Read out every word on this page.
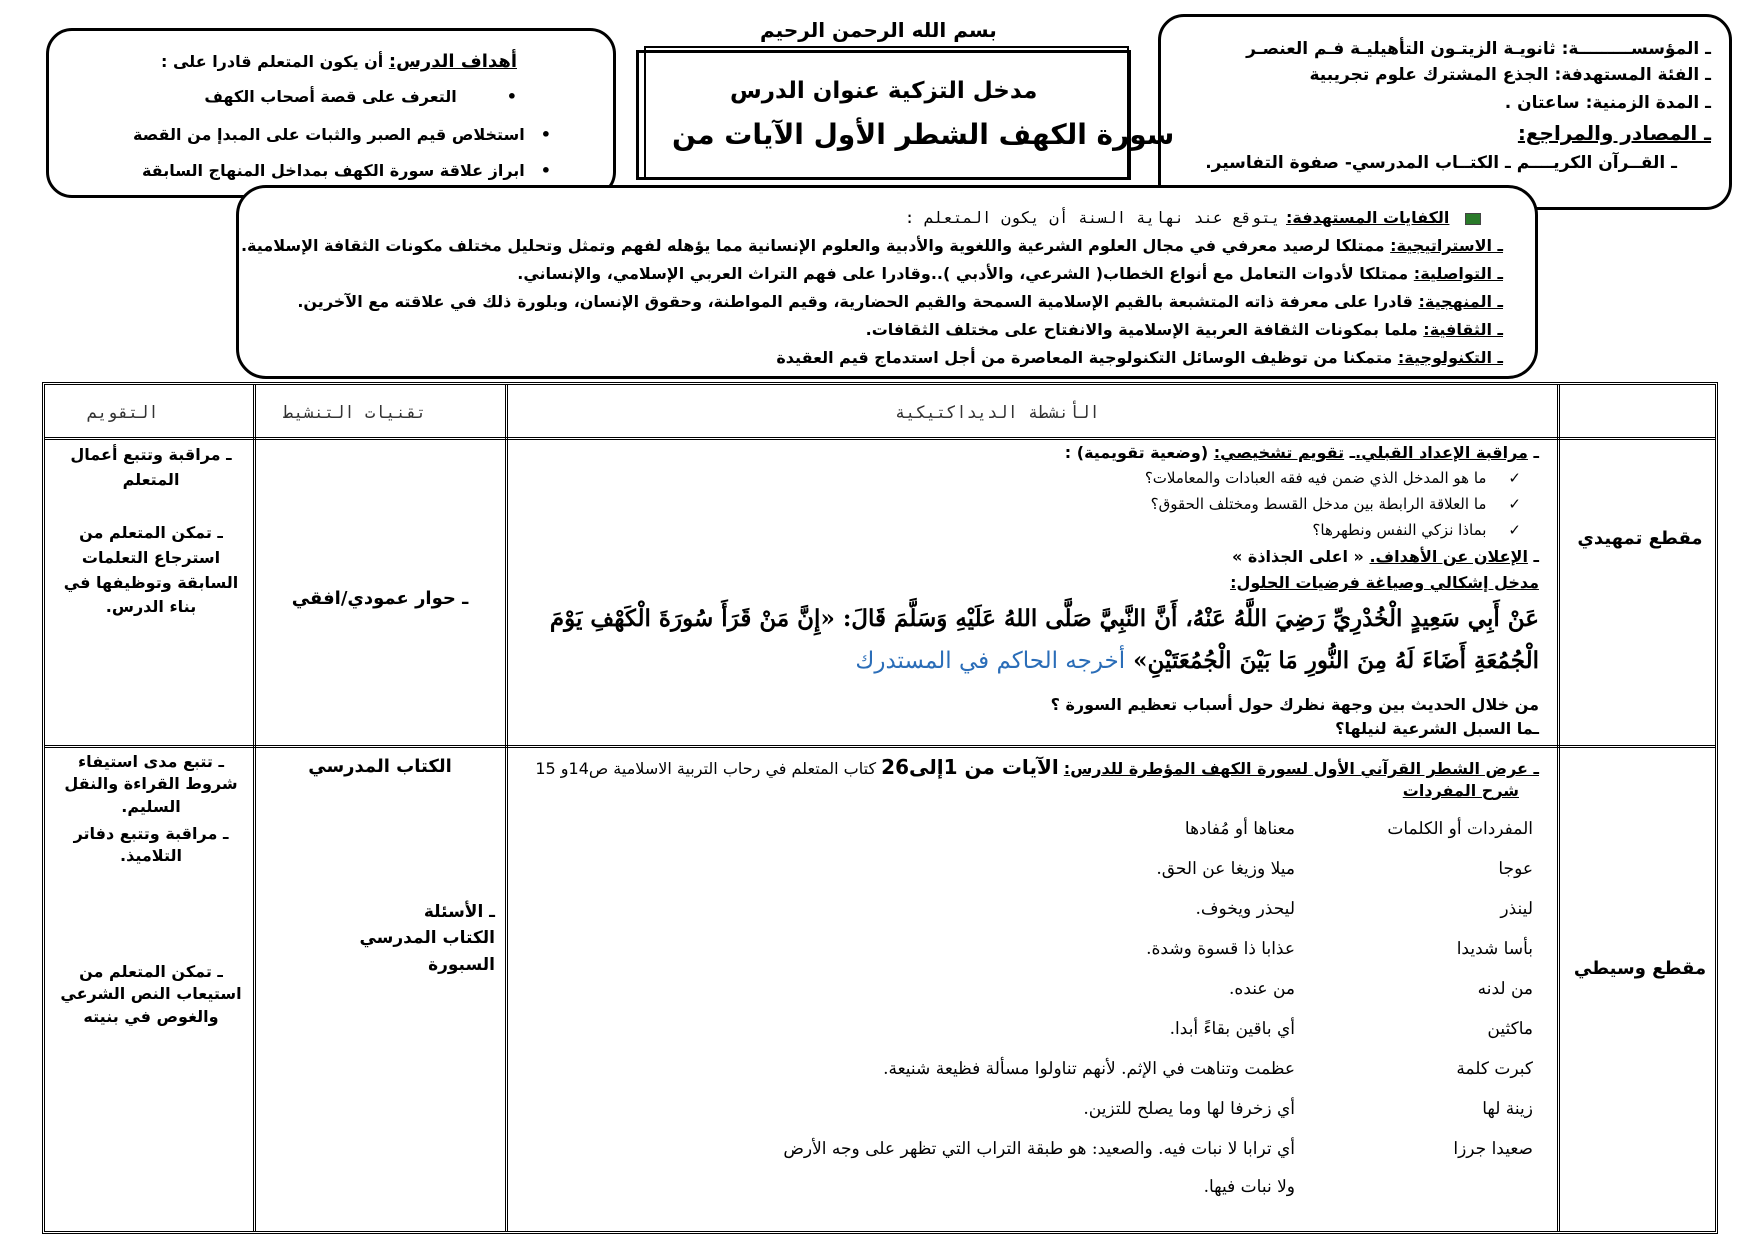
بسم الله الرحمن الرحيم
ـ المؤسســـــــــة: ثانويـة الزيتـون التأهيليـة فـم العنصـر
ـ الفئة المستهدفة: الجذع المشترك علوم تجريبية
ـ المدة الزمنية: ساعتان .
ـ المصادر والمراجع:
ـ القــرآن الكريــــم ـ الكتــاب المدرسي- صفوة التفاسير.
مدخل التزكية عنوان الدرس
سورة الكهف الشطر الأول الآيات من
أهداف الدرس: أن يكون المتعلم قادرا على :
•التعرف على قصة أصحاب الكهف
•استخلاص قيم الصبر والثبات على المبدإ من القصة
•ابراز علاقة سورة الكهف بمداخل المنهاج السابقة
الكفايات المستهدفة: يتوقع عند نهاية السنة أن يكون المتعلم :
ـ الاستراتيجية: ممتلكا لرصيد معرفي في مجال العلوم الشرعية واللغوية والأدبية والعلوم الإنسانية مما يؤهله لفهم وتمثل وتحليل مختلف مكونات الثقافة الإسلامية.
ـ التواصلية: ممتلكا لأدوات التعامل مع أنواع الخطاب( الشرعي، والأدبي )..وقادرا على فهم التراث العربي الإسلامي، والإنساني.
ـ المنهجية: قادرا على معرفة ذاته المتشبعة بالقيم الإسلامية السمحة والقيم الحضارية، وقيم المواطنة، وحقوق الإنسان، وبلورة ذلك في علاقته مع الآخرين.
ـ الثقافية: ملما بمكونات الثقافة العربية الإسلامية والانفتاح على مختلف الثقافات.
ـ التكنولوجية: متمكنا من توظيف الوسائل التكنولوجية المعاصرة من أجل استدماج قيم العقيدة
التقويم	تقنيات التنشيط	الأنشطة الديداكتيكية
مقطع تمهيدي
ـ حوار عمودي/افقي
ـ مراقبة وتتبع أعمال المتعلم
ـ تمكن المتعلم من استرجاع التعلمات السابقة وتوظيفها في بناء الدرس.
ـ مراقبة الإعداد القبلي.ـ تقويم تشخيصي: (وضعية تقويمية) :
✓ما هو المدخل الذي ضمن فيه فقه العبادات والمعاملات؟
✓ما العلاقة الرابطة بين مدخل القسط ومختلف الحقوق؟
✓بماذا نزكي النفس ونطهرها؟
ـ الإعلان عن الأهداف. « اعلى الجذاذة »
مدخل إشكالي وصياغة فرضيات الحلول:
عَنْ أَبِي سَعِيدٍ الْخُدْرِيِّ رَضِيَ اللَّهُ عَنْهُ، أَنَّ النَّبِيَّ صَلَّى اللهُ عَلَيْهِ وَسَلَّمَ قَالَ: «إِنَّ مَنْ قَرَأَ سُورَةَ الْكَهْفِ يَوْمَ
الْجُمُعَةِ أَضَاءَ لَهُ مِنَ النُّورِ مَا بَيْنَ الْجُمُعَتَيْنِ» أخرجه الحاكم في المستدرك
من خلال الحديث بين وجهة نظرك حول أسباب تعظيم السورة ؟
ـما السبل الشرعية لنيلها؟
مقطع وسيطي
الكتاب المدرسي
ـ الأسئلة
الكتاب المدرسي
السبورة
ـ تتبع مدى استيفاء شروط القراءة والنقل السليم.
ـ مراقبة وتتبع دفاتر التلاميذ.
ـ تمكن المتعلم من استيعاب النص الشرعي والغوص في بنيته
ـ عرض الشطر القرآني الأول لسورة الكهف المؤطرة للدرس: الآيات من 1إلى26 كتاب المتعلم في رحاب التربية الاسلامية ص14و 15
شرح المفردات
المفردات أو الكلمات
معناها أو مُفادها
عوجا
ميلا وزيغا عن الحق.
لينذر
ليحذر ويخوف.
بأسا شديدا
عذابا ذا قسوة وشدة.
من لدنه
من عنده.
ماكثين
أي باقين بقاءً أبدا.
كبرت كلمة
عظمت وتناهت في الإثم. لأنهم تناولوا مسألة فظيعة شنيعة.
زينة لها
أي زخرفا لها وما يصلح للتزين.
صعيدا جرزا
أي ترابا لا نبات فيه. والصعيد: هو طبقة التراب التي تظهر على وجه الأرض
ولا نبات فيها.
